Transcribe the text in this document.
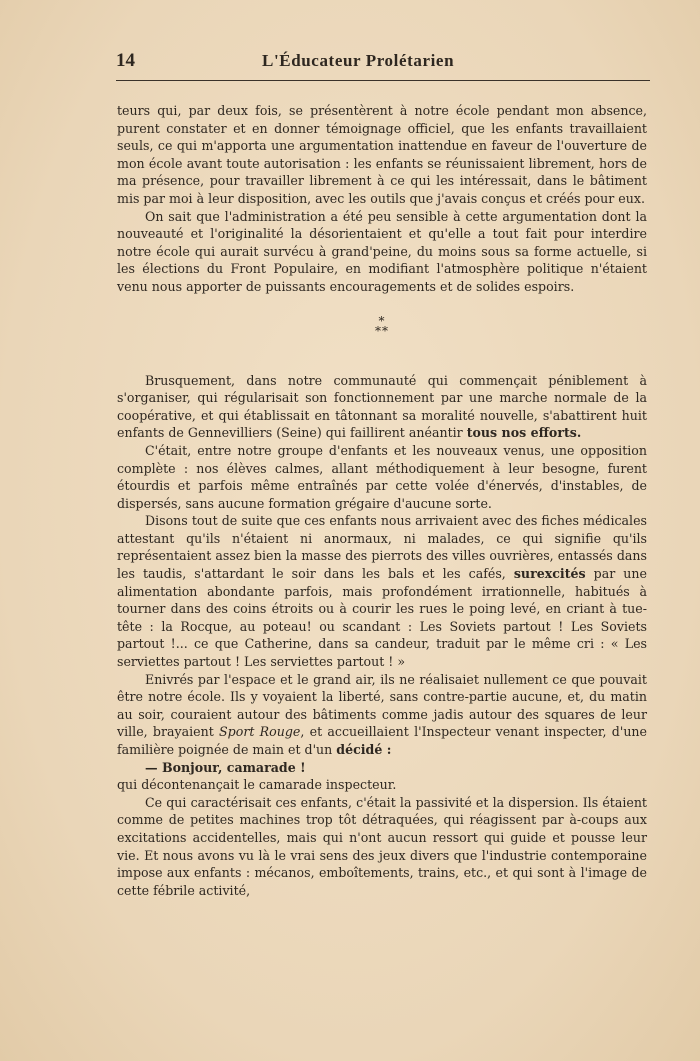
14	L'Éducateur Prolétarien

teurs qui, par deux fois, se présentèrent à notre école pendant mon absence, purent constater et en donner témoignage officiel, que les enfants travaillaient seuls, ce qui m'apporta une argumentation inattendue en faveur de l'ouverture de mon école avant toute autorisation : les enfants se réunissaient librement, hors de ma présence, pour travailler librement à ce qui les intéressait, dans le bâtiment mis par moi à leur disposition, avec les outils que j'avais conçus et créés pour eux.

On sait que l'administration a été peu sensible à cette argumentation dont la nouveauté et l'originalité la désorientaient et qu'elle a tout fait pour interdire notre école qui aurait survécu à grand'peine, du moins sous sa forme actuelle, si les élections du Front Populaire, en modifiant l'atmosphère politique n'étaient venu nous apporter de puissants encouragements et de solides espoirs.

*
**

Brusquement, dans notre communauté qui commençait péniblement à s'organiser, qui régularisait son fonctionnement par une marche normale de la coopérative, et qui établissait en tâtonnant sa moralité nouvelle, s'abattirent huit enfants de Gennevilliers (Seine) qui faillirent anéantir tous nos efforts.

C'était, entre notre groupe d'enfants et les nouveaux venus, une opposition complète : nos élèves calmes, allant méthodiquement à leur besogne, furent étourdis et parfois même entraînés par cette volée d'énervés, d'instables, de dispersés, sans aucune formation grégaire d'aucune sorte.

Disons tout de suite que ces enfants nous arrivaient avec des fiches médicales attestant qu'ils n'étaient ni anormaux, ni malades, ce qui signifie qu'ils représentaient assez bien la masse des pierrots des villes ouvrières, entassés dans les taudis, s'attardant le soir dans les bals et les cafés, surexcités par une alimentation abondante parfois, mais profondément irrationnelle, habitués à tourner dans des coins étroits ou à courir les rues le poing levé, en criant à tue-tête : la Rocque, au poteau! ou scandant : Les Soviets partout ! Les Soviets partout !... ce que Catherine, dans sa candeur, traduit par le même cri : « Les serviettes partout ! Les serviettes partout ! »

Enivrés par l'espace et le grand air, ils ne réalisaiet nullement ce que pouvait être notre école. Ils y voyaient la liberté, sans contre-partie aucune, et, du matin au soir, couraient autour des bâtiments comme jadis autour des squares de leur ville, brayaient Sport Rouge, et accueillaient l'Inspecteur venant inspecter, d'une familière poignée de main et d'un décidé :

— Bonjour, camarade !

qui décontenançait le camarade inspecteur.

Ce qui caractérisait ces enfants, c'était la passivité et la dispersion. Ils étaient comme de petites machines trop tôt détraquées, qui réagissent par à-coups aux excitations accidentelles, mais qui n'ont aucun ressort qui guide et pousse leur vie. Et nous avons vu là le vrai sens des jeux divers que l'industrie contemporaine impose aux enfants : mécanos, emboîtements, trains, etc., et qui sont à l'image de cette fébrile activité,
